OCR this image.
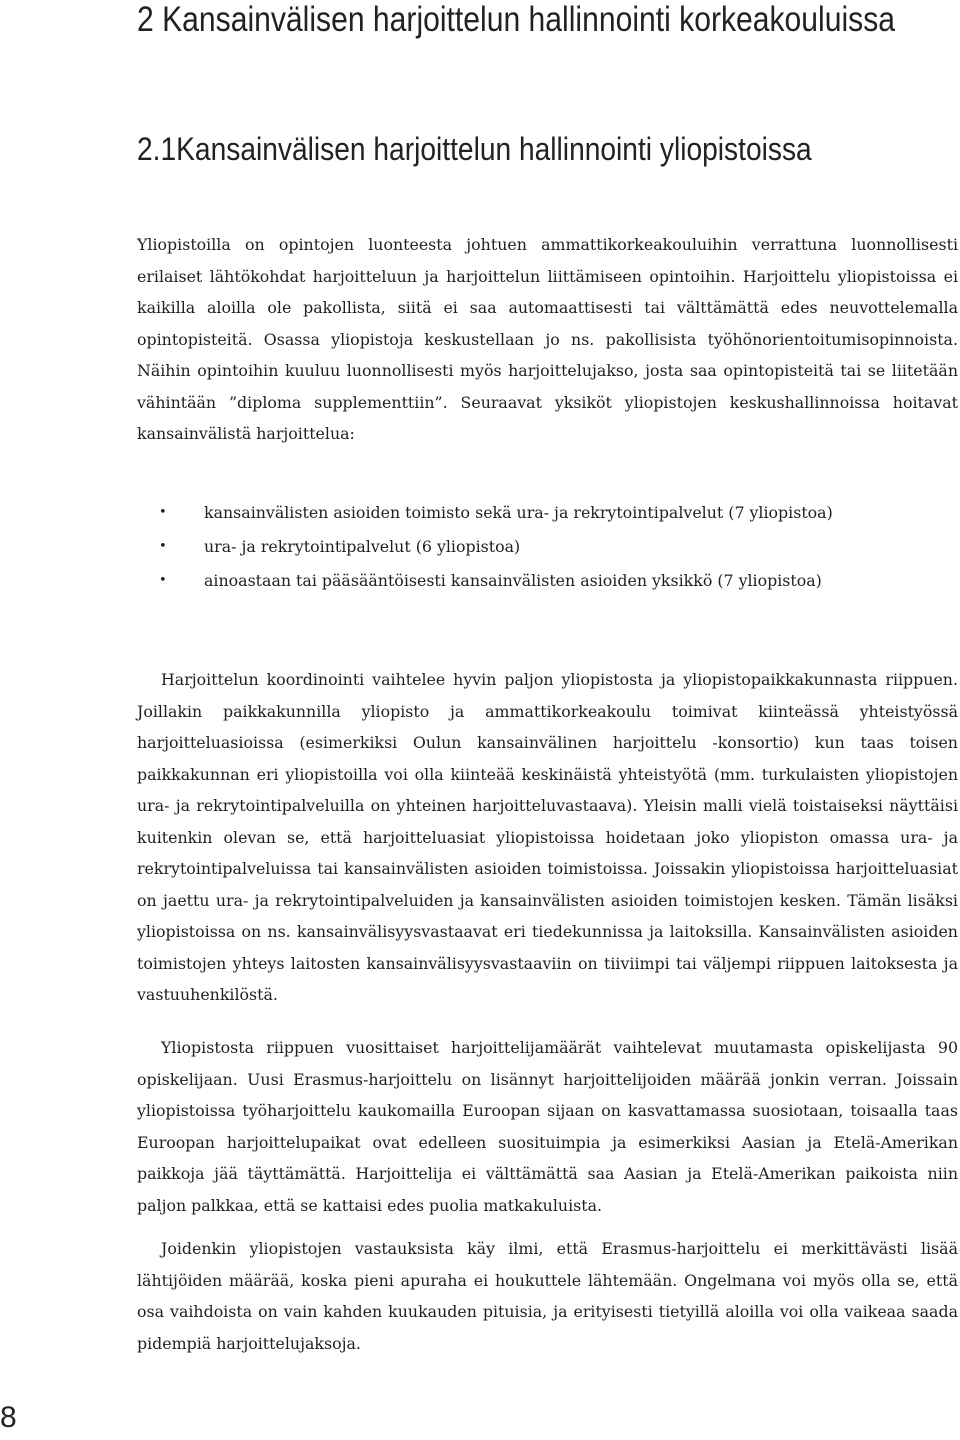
2 Kansainvälisen harjoittelun hallinnointi korkeakouluissa
2.1Kansainvälisen harjoittelun hallinnointi yliopistoissa

Yliopistoilla on opintojen luonteesta johtuen ammattikorkeakouluihin verrattuna luonnollisesti erilaiset lähtökohdat harjoitteluun ja harjoittelun liittämiseen opintoihin. Harjoittelu yliopistoissa ei kaikilla aloilla ole pakollista, siitä ei saa automaattisesti tai välttämättä edes neuvottelemalla opintopisteitä. Osassa yliopistoja keskustellaan jo ns. pakollisista työhönorientoitumisopinnoista. Näihin opintoihin kuuluu luonnollisesti myös harjoittelujakso, josta saa opintopisteitä tai se liitetään vähintään ”diploma supplementtiin”. Seuraavat yksiköt yliopistojen keskushallinnoissa hoitavat kansainvälistä harjoittelua:

• kansainvälisten asioiden toimisto sekä ura- ja rekrytointipalvelut (7 yliopistoa)
• ura- ja rekrytointipalvelut (6 yliopistoa)
• ainoastaan tai pääsääntöisesti kansainvälisten asioiden yksikkö (7 yliopistoa)

Harjoittelun koordinointi vaihtelee hyvin paljon yliopistosta ja yliopistopaikkakunnasta riippuen. Joillakin paikkakunnilla yliopisto ja ammattikorkeakoulu toimivat kiinteässä yhteistyössä harjoitteluasioissa (esimerkiksi Oulun kansainvälinen harjoittelu -konsortio) kun taas toisen paikkakunnan eri yliopistoilla voi olla kiinteää keskinäistä yhteistyötä (mm. turkulaisten yliopistojen ura- ja rekrytointipalveluilla on yhteinen harjoitteluvastaava). Yleisin malli vielä toistaiseksi näyttäisi kuitenkin olevan se, että harjoitteluasiat yliopistoissa hoidetaan joko yliopiston omassa ura- ja rekrytointipalveluissa tai kansainvälisten asioiden toimistoissa. Joissakin yliopistoissa harjoitteluasiat on jaettu ura- ja rekrytointipalveluiden ja kansainvälisten asioiden toimistojen kesken. Tämän lisäksi yliopistoissa on ns. kansainvälisyysvastaavat eri tiedekunnissa ja laitoksilla. Kansainvälisten asioiden toimistojen yhteys laitosten kansainvälisyysvastaaviin on tiiviimpi tai väljempi riippuen laitoksesta ja vastuuhenkilöstä.

Yliopistosta riippuen vuosittaiset harjoittelijamäärät vaihtelevat muutamasta opiskelijasta 90 opiskelijaan. Uusi Erasmus-harjoittelu on lisännyt harjoittelijoiden määrää jonkin verran. Joissain yliopistoissa työharjoittelu kaukomailla Euroopan sijaan on kasvattamassa suosiotaan, toisaalla taas Euroopan harjoittelupaikat ovat edelleen suosituimpia ja esimerkiksi Aasian ja Etelä-Amerikan paikkoja jää täyttämättä. Harjoittelija ei välttämättä saa Aasian ja Etelä-Amerikan paikoista niin paljon palkkaa, että se kattaisi edes puolia matkakuluista.

Joidenkin yliopistojen vastauksista käy ilmi, että Erasmus-harjoittelu ei merkittävästi lisää lähtijöiden määrää, koska pieni apuraha ei houkuttele lähtemään. Ongelmana voi myös olla se, että osa vaihdoista on vain kahden kuukauden pituisia, ja erityisesti tietyillä aloilla voi olla vaikeaa saada pidempiä harjoittelujaksoja.

8
